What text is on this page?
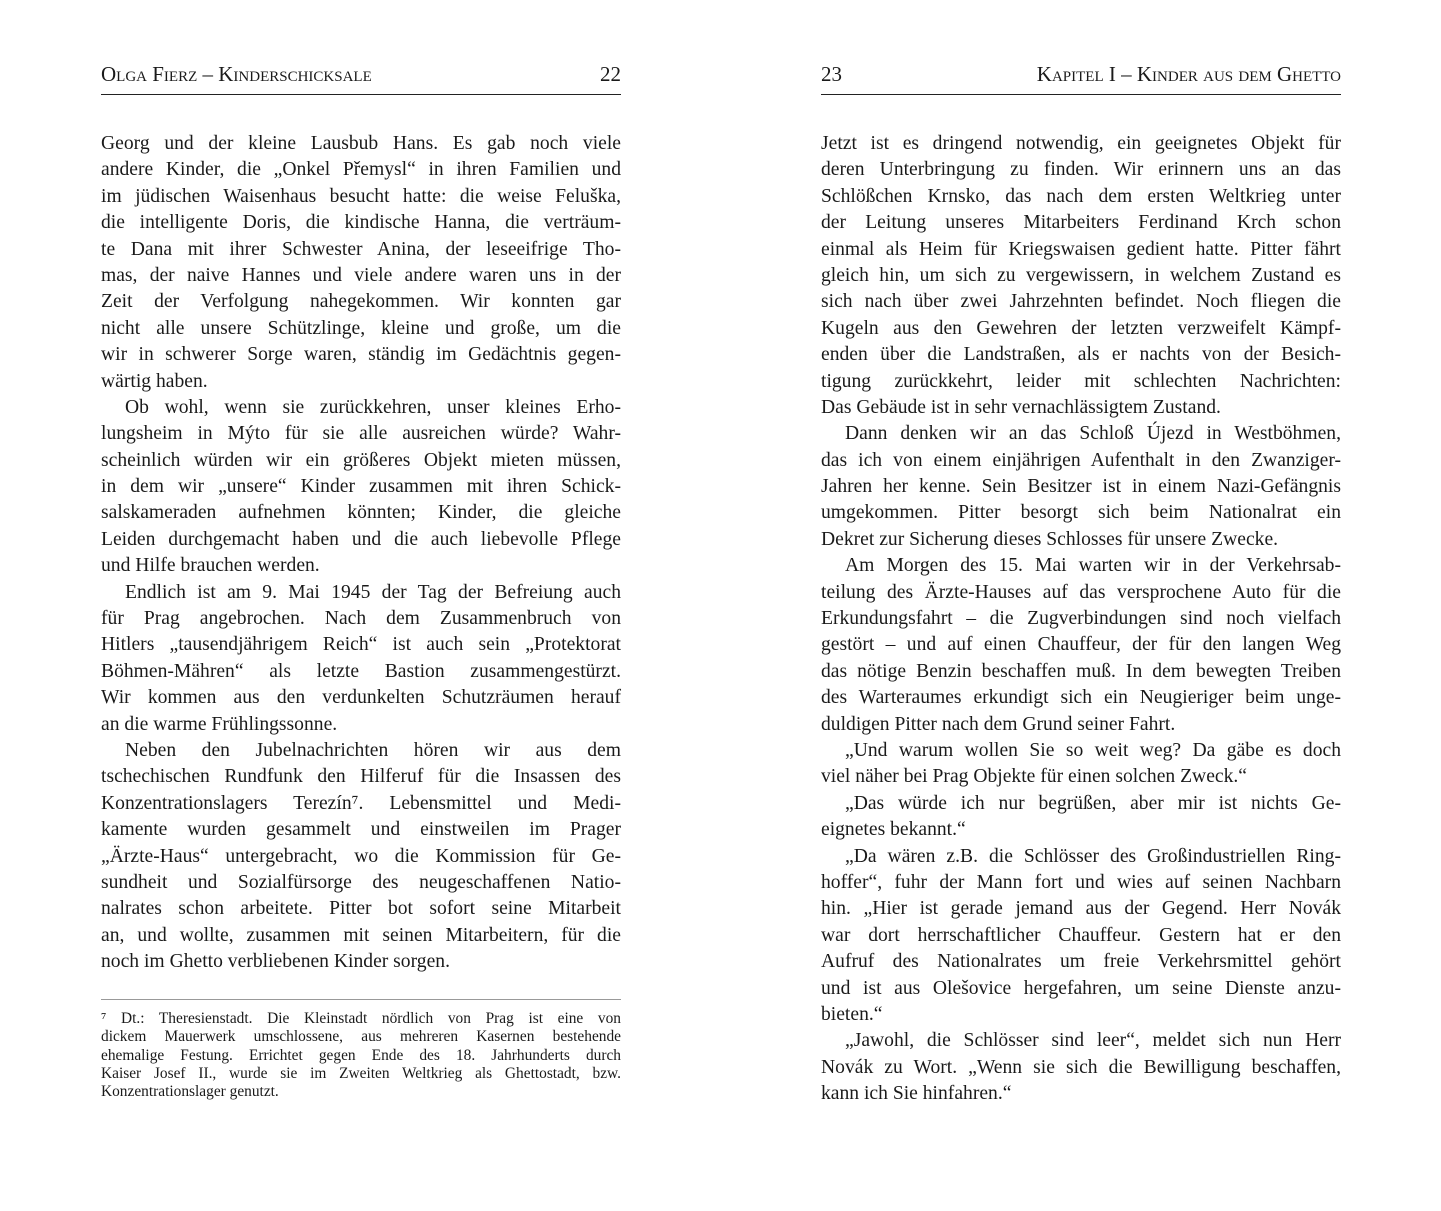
Olga Fierz – Kinderschicksale	22
Georg und der kleine Lausbub Hans. Es gab noch viele
andere Kinder, die „Onkel Přemysl“ in ihren Familien und
im jüdischen Waisenhaus besucht hatte: die weise Feluška,
die intelligente Doris, die kindische Hanna, die verträum-
te Dana mit ihrer Schwester Anina, der leseeifrige Tho-
mas, der naive Hannes und viele andere waren uns in der
Zeit der Verfolgung nahegekommen. Wir konnten gar
nicht alle unsere Schützlinge, kleine und große, um die
wir in schwerer Sorge waren, ständig im Gedächtnis gegen-
wärtig haben.
Ob wohl, wenn sie zurückkehren, unser kleines Erho-
lungsheim in Mýto für sie alle ausreichen würde? Wahr-
scheinlich würden wir ein größeres Objekt mieten müssen,
in dem wir „unsere“ Kinder zusammen mit ihren Schick-
salskameraden aufnehmen könnten; Kinder, die gleiche
Leiden durchgemacht haben und die auch liebevolle Pflege
und Hilfe brauchen werden.
Endlich ist am 9. Mai 1945 der Tag der Befreiung auch
für Prag angebrochen. Nach dem Zusammenbruch von
Hitlers „tausendjährigem Reich“ ist auch sein „Protektorat
Böhmen-Mähren“ als letzte Bastion zusammengestürzt.
Wir kommen aus den verdunkelten Schutzräumen herauf
an die warme Frühlingssonne.
Neben den Jubelnachrichten hören wir aus dem
tschechischen Rundfunk den Hilferuf für die Insassen des
Konzentrationslagers Terezín⁷. Lebensmittel und Medi-
kamente wurden gesammelt und einstweilen im Prager
„Ärzte-Haus“ untergebracht, wo die Kommission für Ge-
sundheit und Sozialfürsorge des neugeschaffenen Natio-
nalrates schon arbeitete. Pitter bot sofort seine Mitarbeit
an, und wollte, zusammen mit seinen Mitarbeitern, für die
noch im Ghetto verbliebenen Kinder sorgen.
⁷ Dt.: Theresienstadt. Die Kleinstadt nördlich von Prag ist eine von
dickem Mauerwerk umschlossene, aus mehreren Kasernen bestehende
ehemalige Festung. Errichtet gegen Ende des 18. Jahrhunderts durch
Kaiser Josef II., wurde sie im Zweiten Weltkrieg als Ghettostadt, bzw.
Konzentrationslager genutzt.
23	Kapitel I – Kinder aus dem Ghetto
Jetzt ist es dringend notwendig, ein geeignetes Objekt für
deren Unterbringung zu finden. Wir erinnern uns an das
Schlößchen Krnsko, das nach dem ersten Weltkrieg unter
der Leitung unseres Mitarbeiters Ferdinand Krch schon
einmal als Heim für Kriegswaisen gedient hatte. Pitter fährt
gleich hin, um sich zu vergewissern, in welchem Zustand es
sich nach über zwei Jahrzehnten befindet. Noch fliegen die
Kugeln aus den Gewehren der letzten verzweifelt Kämpf-
enden über die Landstraßen, als er nachts von der Besich-
tigung zurückkehrt, leider mit schlechten Nachrichten:
Das Gebäude ist in sehr vernachlässigtem Zustand.
Dann denken wir an das Schloß Újezd in Westböhmen,
das ich von einem einjährigen Aufenthalt in den Zwanziger-
Jahren her kenne. Sein Besitzer ist in einem Nazi-Gefängnis
umgekommen. Pitter besorgt sich beim Nationalrat ein
Dekret zur Sicherung dieses Schlosses für unsere Zwecke.
Am Morgen des 15. Mai warten wir in der Verkehrsab-
teilung des Ärzte-Hauses auf das versprochene Auto für die
Erkundungsfahrt – die Zugverbindungen sind noch vielfach
gestört – und auf einen Chauffeur, der für den langen Weg
das nötige Benzin beschaffen muß. In dem bewegten Treiben
des Warteraumes erkundigt sich ein Neugieriger beim unge-
duldigen Pitter nach dem Grund seiner Fahrt.
„Und warum wollen Sie so weit weg? Da gäbe es doch
viel näher bei Prag Objekte für einen solchen Zweck.“
„Das würde ich nur begrüßen, aber mir ist nichts Ge-
eignetes bekannt.“
„Da wären z.B. die Schlösser des Großindustriellen Ring-
hoffer“, fuhr der Mann fort und wies auf seinen Nachbarn
hin. „Hier ist gerade jemand aus der Gegend. Herr Novák
war dort herrschaftlicher Chauffeur. Gestern hat er den
Aufruf des Nationalrates um freie Verkehrsmittel gehört
und ist aus Olešovice hergefahren, um seine Dienste anzu-
bieten.“
„Jawohl, die Schlösser sind leer“, meldet sich nun Herr
Novák zu Wort. „Wenn sie sich die Bewilligung beschaffen,
kann ich Sie hinfahren.“
